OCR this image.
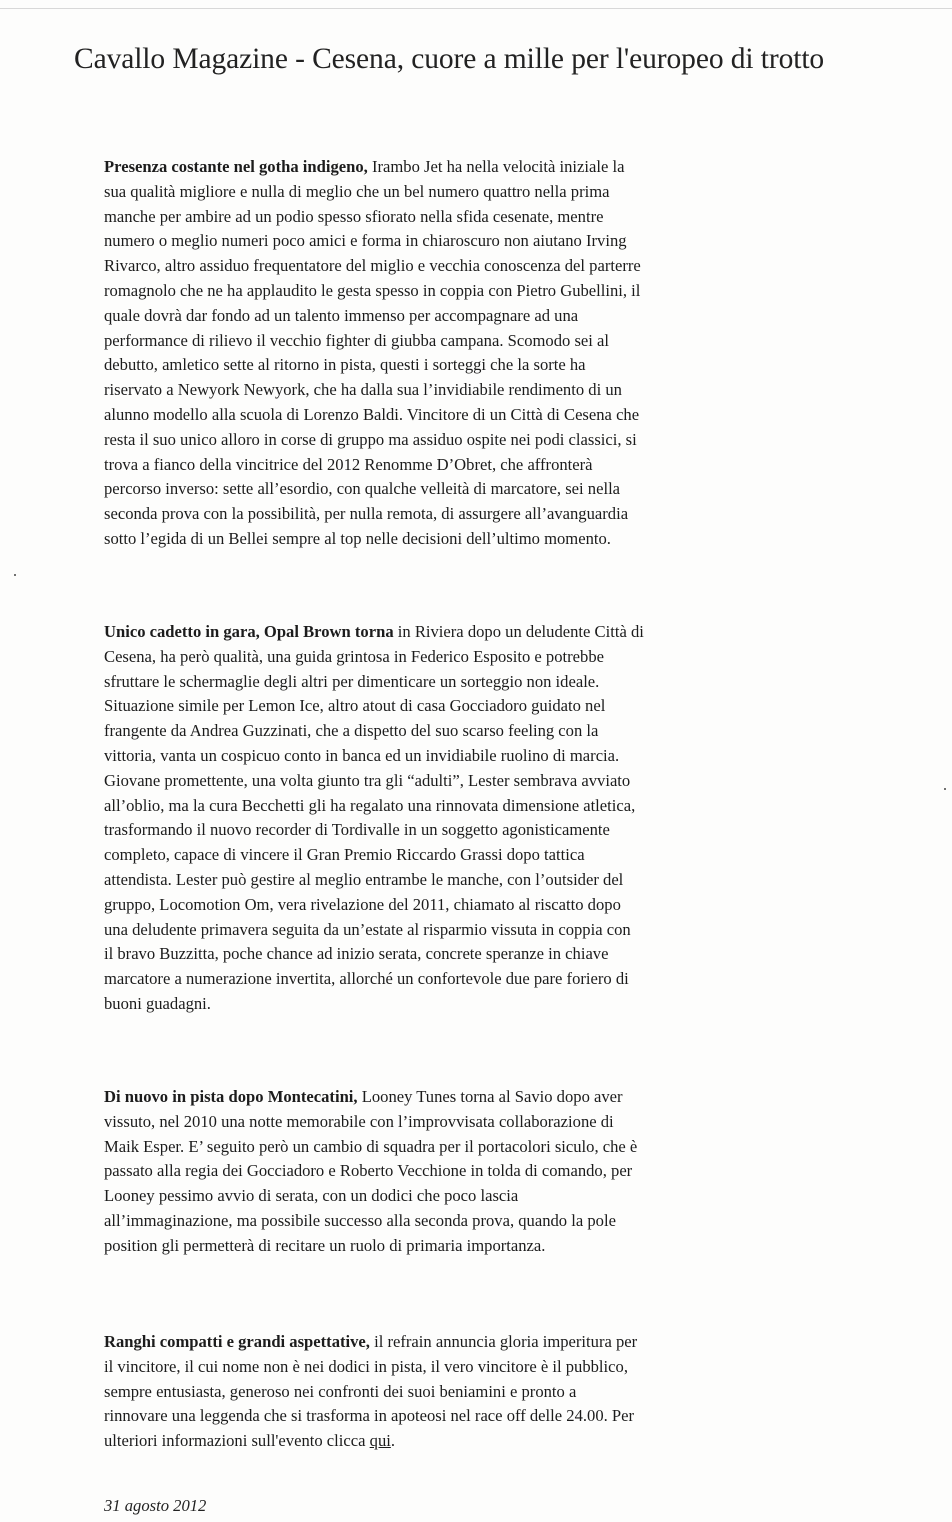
Cavallo Magazine - Cesena, cuore a mille per l'europeo di trotto

Presenza costante nel gotha indigeno, Irambo Jet ha nella velocità iniziale la sua qualità migliore e nulla di meglio che un bel numero quattro nella prima manche per ambire ad un podio spesso sfiorato nella sfida cesenate, mentre numero o meglio numeri poco amici e forma in chiaroscuro non aiutano Irving Rivarco, altro assiduo frequentatore del miglio e vecchia conoscenza del parterre romagnolo che ne ha applaudito le gesta spesso in coppia con Pietro Gubellini, il quale dovrà dar fondo ad un talento immenso per accompagnare ad una performance di rilievo il vecchio fighter di giubba campana. Scomodo sei al debutto, amletico sette al ritorno in pista, questi i sorteggi che la sorte ha riservato a Newyork Newyork, che ha dalla sua l’invidiabile rendimento di un alunno modello alla scuola di Lorenzo Baldi. Vincitore di un Città di Cesena che resta il suo unico alloro in corse di gruppo ma assiduo ospite nei podi classici, si trova a fianco della vincitrice del 2012 Renomme D’Obret, che affronterà percorso inverso: sette all’esordio, con qualche velleità di marcatore, sei nella seconda prova con la possibilità, per nulla remota, di assurgere all’avanguardia sotto l’egida di un Bellei sempre al top nelle decisioni dell’ultimo momento.

Unico cadetto in gara, Opal Brown torna in Riviera dopo un deludente Città di Cesena, ha però qualità, una guida grintosa in Federico Esposito e potrebbe sfruttare le schermaglie degli altri per dimenticare un sorteggio non ideale. Situazione simile per Lemon Ice, altro atout di casa Gocciadoro guidato nel frangente da Andrea Guzzinati, che a dispetto del suo scarso feeling con la vittoria, vanta un cospicuo conto in banca ed un invidiabile ruolino di marcia. Giovane promettente, una volta giunto tra gli “adulti”, Lester sembrava avviato all’oblio, ma la cura Becchetti gli ha regalato una rinnovata dimensione atletica, trasformando il nuovo recorder di Tordivalle in un soggetto agonisticamente completo, capace di vincere il Gran Premio Riccardo Grassi dopo tattica attendista. Lester può gestire al meglio entrambe le manche, con l’outsider del gruppo, Locomotion Om, vera rivelazione del 2011, chiamato al riscatto dopo una deludente primavera seguita da un’estate al risparmio vissuta in coppia con il bravo Buzzitta, poche chance ad inizio serata, concrete speranze in chiave marcatore a numerazione invertita, allorché un confortevole due pare foriero di buoni guadagni.

Di nuovo in pista dopo Montecatini, Looney Tunes torna al Savio dopo aver vissuto, nel 2010 una notte memorabile con l’improvvisata collaborazione di Maik Esper. E’ seguito però un cambio di squadra per il portacolori siculo, che è passato alla regia dei Gocciadoro e Roberto Vecchione in tolda di comando, per Looney pessimo avvio di serata, con un dodici che poco lascia all’immaginazione, ma possibile successo alla seconda prova, quando la pole position gli permetterà di recitare un ruolo di primaria importanza.

Ranghi compatti e grandi aspettative, il refrain annuncia gloria imperitura per il vincitore, il cui nome non è nei dodici in pista, il vero vincitore è il pubblico, sempre entusiasta, generoso nei confronti dei suoi beniamini e pronto a rinnovare una leggenda che si trasforma in apoteosi nel race off delle 24.00. Per ulteriori informazioni sull'evento clicca qui.

31 agosto 2012
